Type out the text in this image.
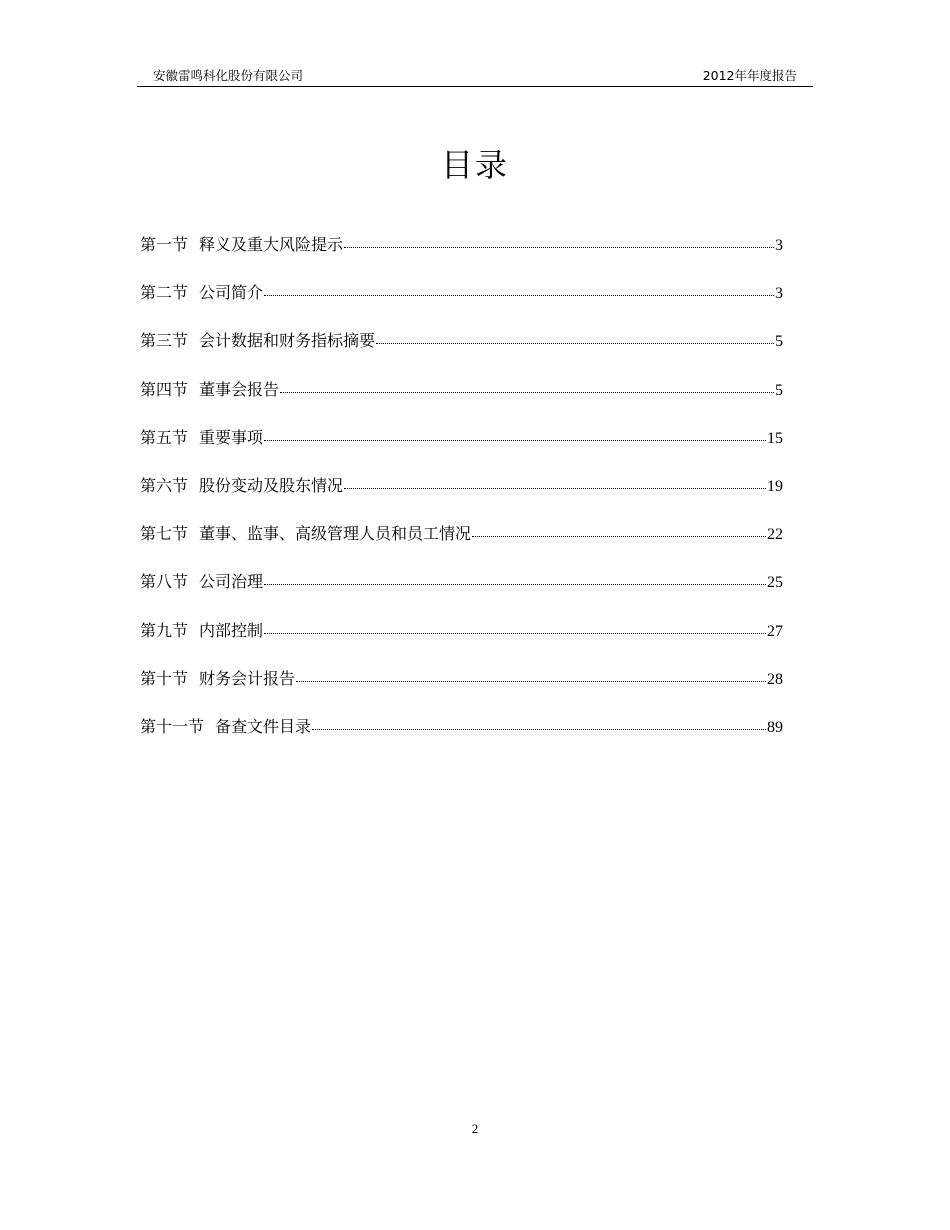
安徽雷鸣科化股份有限公司	2012年年度报告
目录
第一节 释义及重大风险提示	3
第二节 公司简介	3
第三节 会计数据和财务指标摘要	5
第四节 董事会报告	5
第五节 重要事项	15
第六节 股份变动及股东情况	19
第七节 董事、监事、高级管理人员和员工情况	22
第八节 公司治理	25
第九节 内部控制	27
第十节 财务会计报告	28
第十一节 备查文件目录	89
2
